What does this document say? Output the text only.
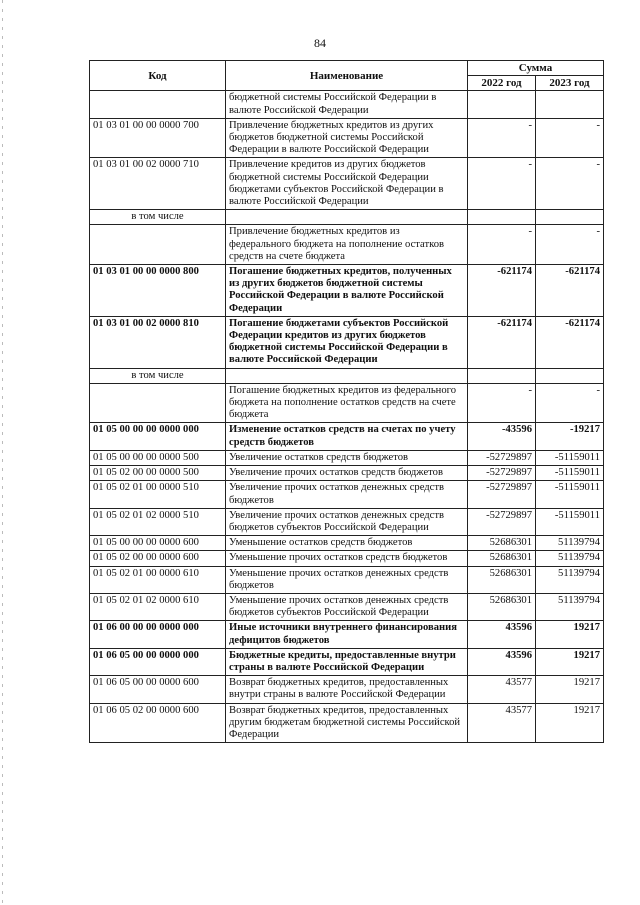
84
Код	Наименование	Сумма	
		2022 год	2023 год
	бюджетной системы Российской Федерации в валюте Российской Федерации		
01 03 01 00 00 0000 700	Привлечение бюджетных кредитов из других бюджетов бюджетной системы Российской Федерации в валюте Российской Федерации	-	-
01 03 01 00 02 0000 710	Привлечение кредитов из других бюджетов бюджетной системы Российской Федерации бюджетами субъектов Российской Федерации в валюте Российской Федерации	-	-
в том числе			
	Привлечение бюджетных кредитов из федерального бюджета на пополнение остатков средств на счете бюджета	-	-
01 03 01 00 00 0000 800	Погашение бюджетных кредитов, полученных из других бюджетов бюджетной системы Российской Федерации в валюте Российской Федерации	-621174	-621174
01 03 01 00 02 0000 810	Погашение бюджетами субъектов Российской Федерации кредитов из других бюджетов бюджетной системы Российской Федерации в валюте Российской Федерации	-621174	-621174
в том числе			
	Погашение бюджетных кредитов из федерального бюджета на пополнение остатков средств на счете бюджета	-	-
01 05 00 00 00 0000 000	Изменение остатков средств на счетах по учету средств бюджетов	-43596	-19217
01 05 00 00 00 0000 500	Увеличение остатков средств бюджетов	-52729897	-51159011
01 05 02 00 00 0000 500	Увеличение прочих остатков средств бюджетов	-52729897	-51159011
01 05 02 01 00 0000 510	Увеличение прочих остатков денежных средств бюджетов	-52729897	-51159011
01 05 02 01 02 0000 510	Увеличение прочих остатков денежных средств бюджетов субъектов Российской Федерации	-52729897	-51159011
01 05 00 00 00 0000 600	Уменьшение остатков средств бюджетов	52686301	51139794
01 05 02 00 00 0000 600	Уменьшение прочих остатков средств бюджетов	52686301	51139794
01 05 02 01 00 0000 610	Уменьшение прочих остатков денежных средств бюджетов	52686301	51139794
01 05 02 01 02 0000 610	Уменьшение прочих остатков денежных средств бюджетов субъектов Российской Федерации	52686301	51139794
01 06 00 00 00 0000 000	Иные источники внутреннего финансирования дефицитов бюджетов	43596	19217
01 06 05 00 00 0000 000	Бюджетные кредиты, предоставленные внутри страны в валюте Российской Федерации	43596	19217
01 06 05 00 00 0000 600	Возврат бюджетных кредитов, предоставленных внутри страны в валюте Российской Федерации	43577	19217
01 06 05 02 00 0000 600	Возврат бюджетных кредитов, предоставленных другим бюджетам бюджетной системы Российской Федерации	43577	19217
